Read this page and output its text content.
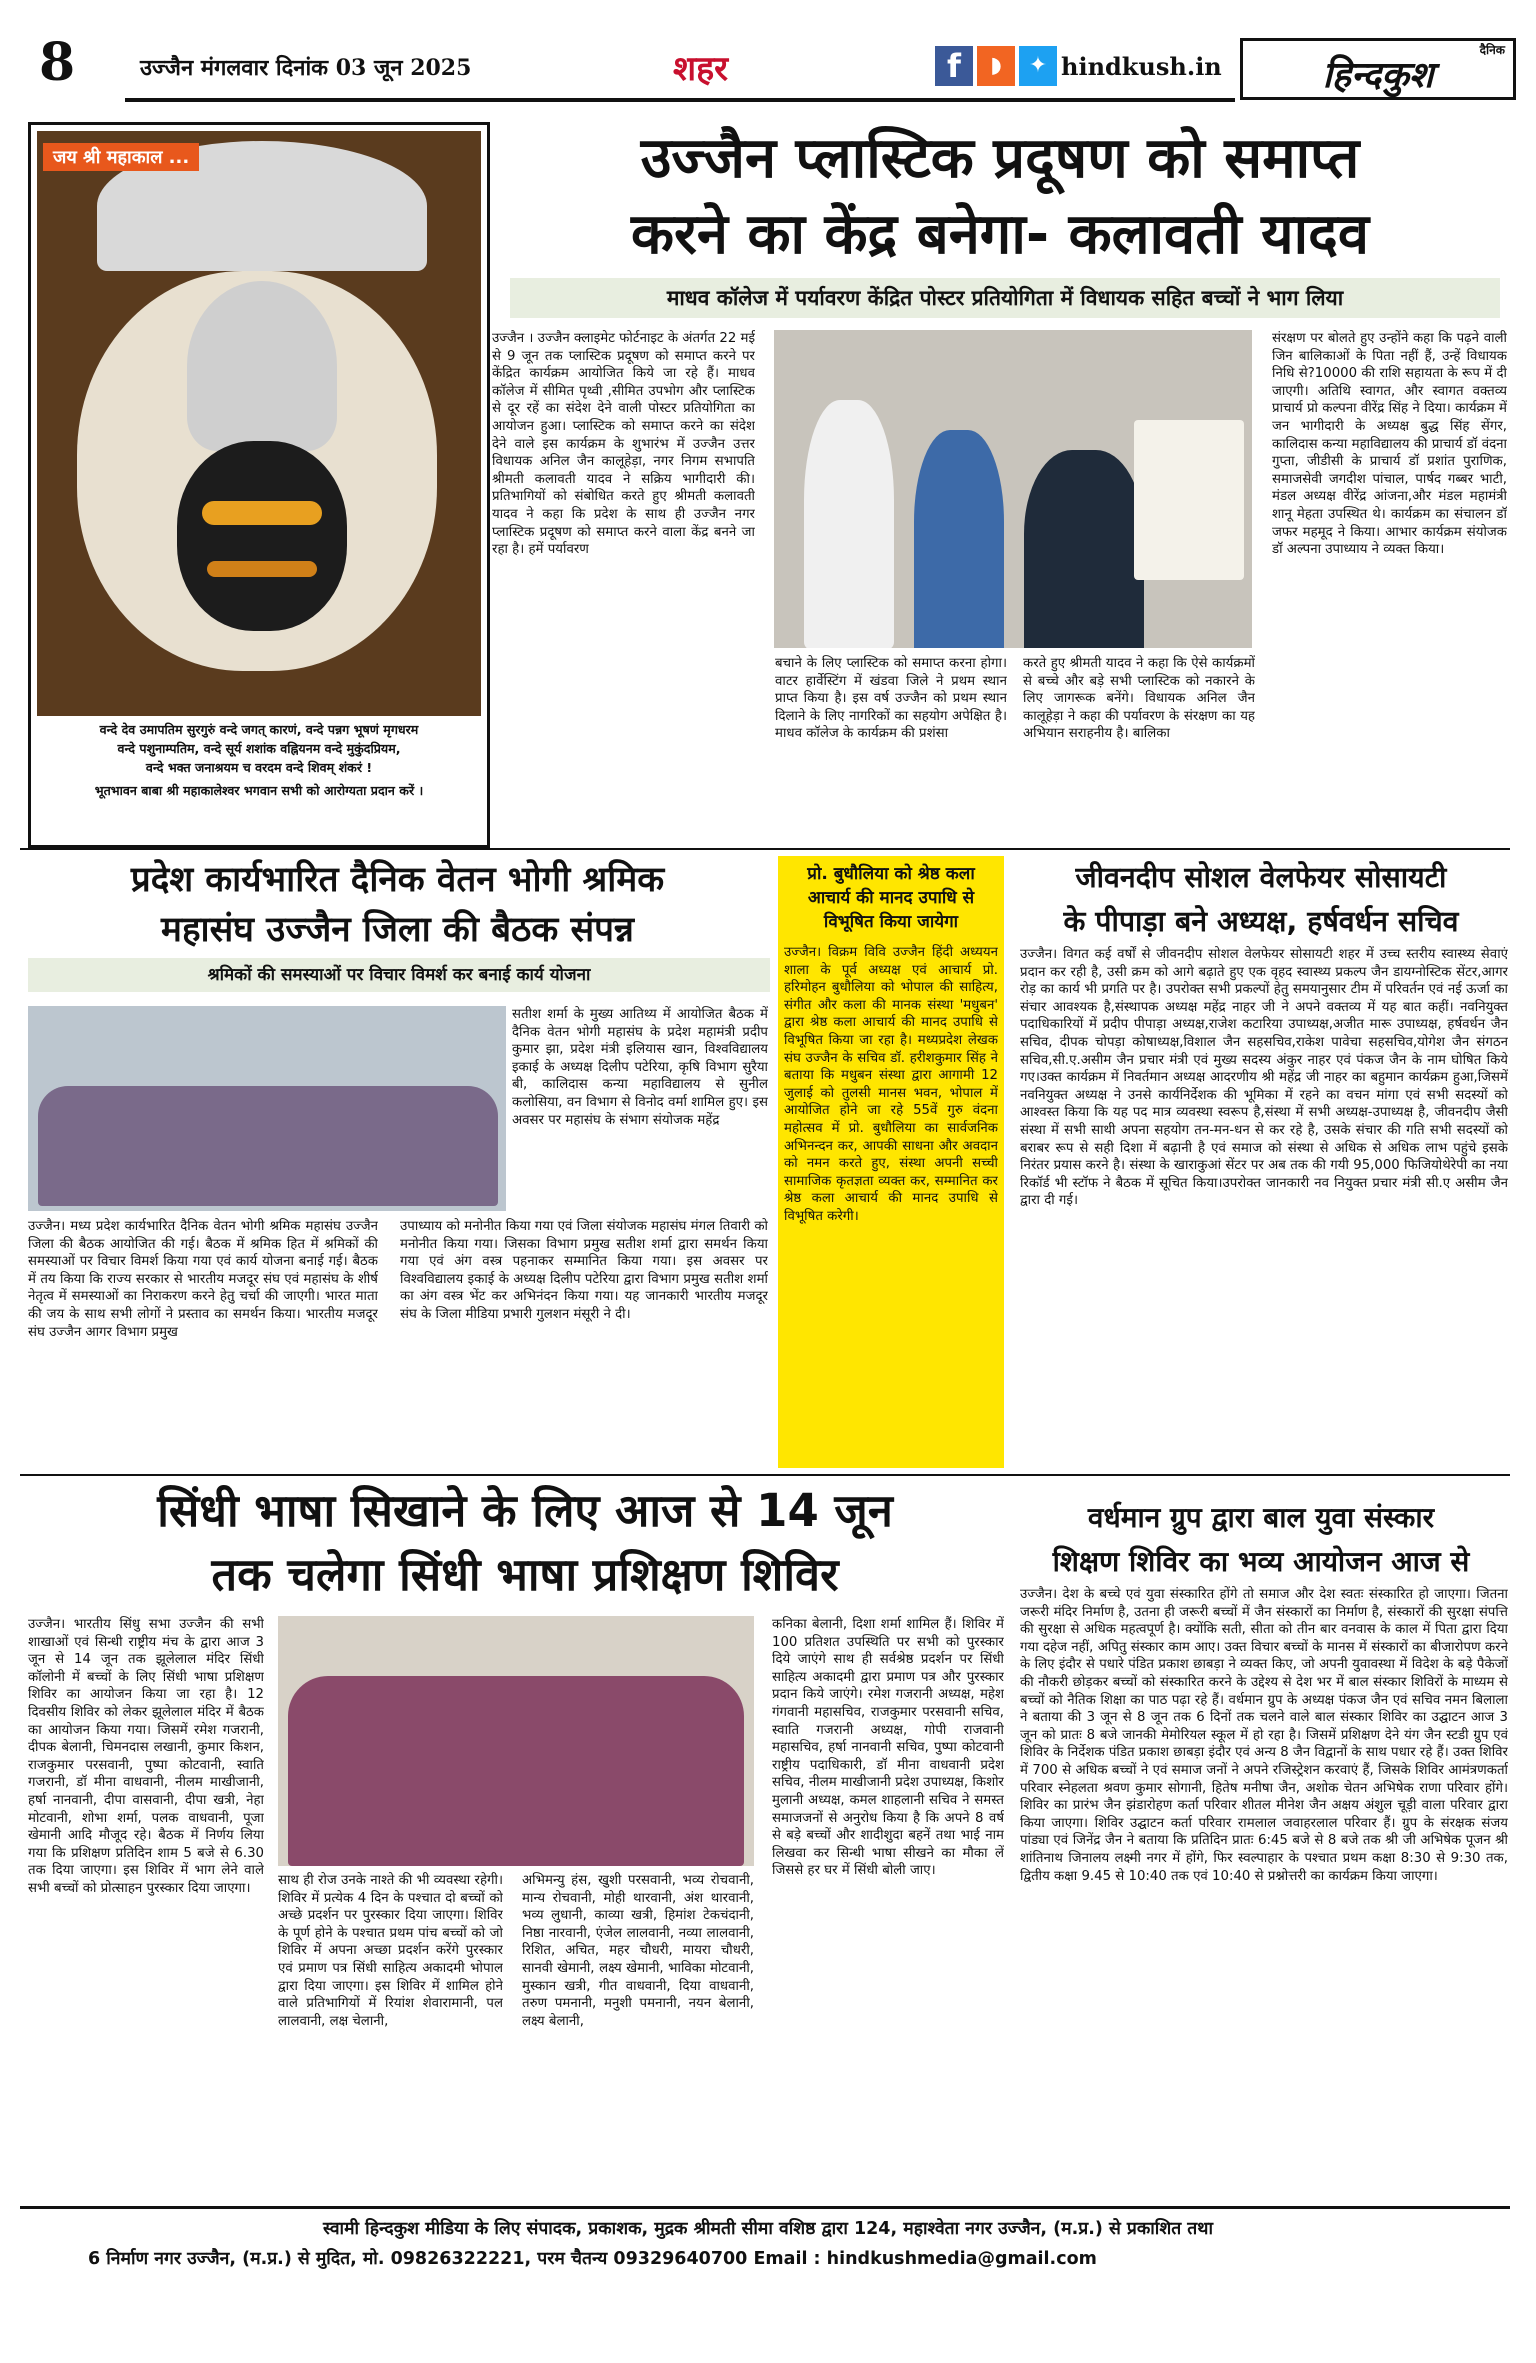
8	उज्जैन मंगलवार दिनांक 03 जून 2025	शहर	f	◗	✦ hindkush.in
दैनिक
हिन्दकुश
जय श्री महाकाल ...
वन्दे देव उमापतिम सुरगुरुं वन्दे जगत् कारणं, वन्दे पन्नग भूषणं मृगधरम
वन्दे पशुनाम्पतिम, वन्दे सूर्य शशांक वह्नियनम वन्दे मुकुंदप्रियम,
वन्दे भक्त जनाश्रयम च वरदम वन्दे शिवम् शंकरं !
भूतभावन बाबा श्री महाकालेश्वर भगवान सभी को आरोग्यता प्रदान करें ।
उज्जैन प्लास्टिक प्रदूषण को समाप्त
करने का केंद्र बनेगा- कलावती यादव
माधव कॉलेज में पर्यावरण केंद्रित पोस्टर प्रतियोगिता में विधायक सहित बच्चों ने भाग लिया
उज्जैन । उज्जैन क्लाइमेट फोर्टनाइट के अंतर्गत 22 मई से 9 जून तक प्लास्टिक प्रदूषण को समाप्त करने पर केंद्रित कार्यक्रम आयोजित किये जा रहे हैं। माधव कॉलेज में सीमित पृथ्वी ,सीमित उपभोग और प्लास्टिक से दूर रहें का संदेश देने वाली पोस्टर प्रतियोगिता का आयोजन हुआ। प्लास्टिक को समाप्त करने का संदेश देने वाले इस कार्यक्रम के शुभारंभ में उज्जैन उत्तर विधायक अनिल जैन कालूहेड़ा, नगर निगम सभापति श्रीमती कलावती यादव ने सक्रिय भागीदारी की। प्रतिभागियों को संबोधित करते हुए श्रीमती कलावती यादव ने कहा कि प्रदेश के साथ ही उज्जैन नगर प्लास्टिक प्रदूषण को समाप्त करने वाला केंद्र बनने जा रहा है। हमें पर्यावरण
बचाने के लिए प्लास्टिक को समाप्त करना होगा। वाटर हार्वेस्टिंग में खंडवा जिले ने प्रथम स्थान प्राप्त किया है। इस वर्ष उज्जैन को प्रथम स्थान दिलाने के लिए नागरिकों का सहयोग अपेक्षित है। माधव कॉलेज के कार्यक्रम की प्रशंसा
करते हुए श्रीमती यादव ने कहा कि ऐसे कार्यक्रमों से बच्चे और बड़े सभी प्लास्टिक को नकारने के लिए जागरूक बनेंगे। विधायक अनिल जैन कालूहेड़ा ने कहा की पर्यावरण के संरक्षण का यह अभियान सराहनीय है। बालिका
संरक्षण पर बोलते हुए उन्होंने कहा कि पढ़ने वाली जिन बालिकाओं के पिता नहीं हैं, उन्हें विधायक निधि से?10000 की राशि सहायता के रूप में दी जाएगी। अतिथि स्वागत, और स्वागत वक्तव्य प्राचार्य प्रो कल्पना वीरेंद्र सिंह ने दिया। कार्यक्रम में जन भागीदारी के अध्यक्ष बुद्ध सिंह सेंगर, कालिदास कन्या महाविद्यालय की प्राचार्य डॉ वंदना गुप्ता, जीडीसी के प्राचार्य डॉ प्रशांत पुराणिक, समाजसेवी जगदीश पांचाल, पार्षद गब्बर भाटी, मंडल अध्यक्ष वीरेंद्र आंजना,और मंडल महामंत्री शानू मेहता उपस्थित थे। कार्यक्रम का संचालन डॉ जफर महमूद ने किया। आभार कार्यक्रम संयोजक डॉ अल्पना उपाध्याय ने व्यक्त किया।
प्रदेश कार्यभारित दैनिक वेतन भोगी श्रमिक
महासंघ उज्जैन जिला की बैठक संपन्न
श्रमिकों की समस्याओं पर विचार विमर्श कर बनाई कार्य योजना
उज्जैन। मध्य प्रदेश कार्यभारित दैनिक वेतन भोगी श्रमिक महासंघ उज्जैन जिला की बैठक आयोजित की गई। बैठक में श्रमिक हित में श्रमिकों की समस्याओं पर विचार विमर्श किया गया एवं कार्य योजना बनाई गई। बैठक में तय किया कि राज्य सरकार से भारतीय मजदूर संघ एवं महासंघ के शीर्ष नेतृत्व में समस्याओं का निराकरण करने हेतु चर्चा की जाएगी। भारत माता की जय के साथ सभी लोगों ने प्रस्ताव का समर्थन किया। भारतीय मजदूर संघ उज्जैन आगर विभाग प्रमुख
सतीश शर्मा के मुख्य आतिथ्य में आयोजित बैठक में दैनिक वेतन भोगी महासंघ के प्रदेश महामंत्री प्रदीप कुमार झा, प्रदेश मंत्री इलियास खान, विश्वविद्यालय इकाई के अध्यक्ष दिलीप पटेरिया, कृषि विभाग सुरैया बी, कालिदास कन्या महाविद्यालय से सुनील कलोसिया, वन विभाग से विनोद वर्मा शामिल हुए। इस अवसर पर महासंघ के संभाग संयोजक महेंद्र
उपाध्याय को मनोनीत किया गया एवं जिला संयोजक महासंघ मंगल तिवारी को मनोनीत किया गया। जिसका विभाग प्रमुख सतीश शर्मा द्वारा समर्थन किया गया एवं अंग वस्त्र पहनाकर सम्मानित किया गया। इस अवसर पर विश्वविद्यालय इकाई के अध्यक्ष दिलीप पटेरिया द्वारा विभाग प्रमुख सतीश शर्मा का अंग वस्त्र भेंट कर अभिनंदन किया गया। यह जानकारी भारतीय मजदूर संघ के जिला मीडिया प्रभारी गुलशन मंसूरी ने दी।
प्रो. बुधौलिया को श्रेष्ठ कला आचार्य की मानद उपाधि से विभूषित किया जायेगा
उज्जैन। विक्रम विवि उज्जैन हिंदी अध्ययन शाला के पूर्व अध्यक्ष एवं आचार्य प्रो. हरिमोहन बुधौलिया को भोपाल की साहित्य, संगीत और कला की मानक संस्था 'मधुबन' द्वारा श्रेष्ठ कला आचार्य की मानद उपाधि से विभूषित किया जा रहा है। मध्यप्रदेश लेखक संघ उज्जैन के सचिव डॉ. हरीशकुमार सिंह ने बताया कि मधुबन संस्था द्वारा आगामी 12 जुलाई को तुलसी मानस भवन, भोपाल में आयोजित होने जा रहे 55वें गुरु वंदना महोत्सव में प्रो. बुधौलिया का सार्वजनिक अभिनन्दन कर, आपकी साधना और अवदान को नमन करते हुए, संस्था अपनी सच्ची सामाजिक कृतज्ञता व्यक्त कर, सम्मानित कर श्रेष्ठ कला आचार्य की मानद उपाधि से विभूषित करेगी।
जीवनदीप सोशल वेलफेयर सोसायटी
के पीपाड़ा बने अध्यक्ष, हर्षवर्धन सचिव
उज्जैन। विगत कई वर्षों से जीवनदीप सोशल वेलफेयर सोसायटी शहर में उच्च स्तरीय स्वास्थ्य सेवाएं प्रदान कर रही है, उसी क्रम को आगे बढ़ाते हुए एक वृहद स्वास्थ्य प्रकल्प जैन डायग्नोस्टिक सेंटर,आगर रोड़ का कार्य भी प्रगति पर है। उपरोक्त सभी प्रकल्पों हेतु समयानुसार टीम में परिवर्तन एवं नई ऊर्जा का संचार आवश्यक है,संस्थापक अध्यक्ष महेंद्र नाहर जी ने अपने वक्तव्य में यह बात कहीं। नवनियुक्त पदाधिकारियों में प्रदीप पीपाड़ा अध्यक्ष,राजेश कटारिया उपाध्यक्ष,अजीत मारू उपाध्यक्ष, हर्षवर्धन जैन सचिव, दीपक चोपड़ा कोषाध्यक्ष,विशाल जैन सहसचिव,राकेश पावेचा सहसचिव,योगेश जैन संगठन सचिव,सी.ए.असीम जैन प्रचार मंत्री एवं मुख्य सदस्य अंकुर नाहर एवं पंकज जैन के नाम घोषित किये गए।उक्त कार्यक्रम में निवर्तमान अध्यक्ष आदरणीय श्री महेंद्र जी नाहर का बहुमान कार्यक्रम हुआ,जिसमें नवनियुक्त अध्यक्ष ने उनसे कार्यनिर्देशक की भूमिका में रहने का वचन मांगा एवं सभी सदस्यों को आश्वस्त किया कि यह पद मात्र व्यवस्था स्वरूप है,संस्था में सभी अध्यक्ष-उपाध्यक्ष है, जीवनदीप जैसी संस्था में सभी साथी अपना सहयोग तन-मन-धन से कर रहे है, उसके संचार की गति सभी सदस्यों को बराबर रूप से सही दिशा में बढ़ानी है एवं समाज को संस्था से अधिक से अधिक लाभ पहुंचे इसके निरंतर प्रयास करने है। संस्था के खाराकुआं सेंटर पर अब तक की गयी 95,000 फिजियोथेरेपी का नया रिकॉर्ड भी स्टॉफ ने बैठक में सूचित किया।उपरोक्त जानकारी नव नियुक्त प्रचार मंत्री सी.ए असीम जैन द्वारा दी गई।
सिंधी भाषा सिखाने के लिए आज से 14 जून
तक चलेगा सिंधी भाषा प्रशिक्षण शिविर
उज्जैन। भारतीय सिंधु सभा उज्जैन की सभी शाखाओं एवं सिन्धी राष्ट्रीय मंच के द्वारा आज 3 जून से 14 जून तक झूलेलाल मंदिर सिंधी कॉलोनी में बच्चों के लिए सिंधी भाषा प्रशिक्षण शिविर का आयोजन किया जा रहा है। 12 दिवसीय शिविर को लेकर झूलेलाल मंदिर में बैठक का आयोजन किया गया। जिसमें रमेश गजरानी, दीपक बेलानी, चिमनदास लखानी, कुमार किशन, राजकुमार परसवानी, पुष्पा कोटवानी, स्वाति गजरानी, डॉ मीना वाधवानी, नीलम माखीजानी, हर्षा नानवानी, दीपा वासवानी, दीपा खत्री, नेहा मोटवानी, शोभा शर्मा, पलक वाधवानी, पूजा खेमानी आदि मौजूद रहे। बैठक में निर्णय लिया गया कि प्रशिक्षण प्रतिदिन शाम 5 बजे से 6.30 तक दिया जाएगा। इस शिविर में भाग लेने वाले सभी बच्चों को प्रोत्साहन पुरस्कार दिया जाएगा।
साथ ही रोज उनके नाश्ते की भी व्यवस्था रहेगी। शिविर में प्रत्येक 4 दिन के पश्चात दो बच्चों को अच्छे प्रदर्शन पर पुरस्कार दिया जाएगा। शिविर के पूर्ण होने के पश्चात प्रथम पांच बच्चों को जो शिविर में अपना अच्छा प्रदर्शन करेंगे पुरस्कार एवं प्रमाण पत्र सिंधी साहित्य अकादमी भोपाल द्वारा दिया जाएगा। इस शिविर में शामिल होने वाले प्रतिभागियों में रियांश शेवारामानी, पल लालवानी, लक्ष चेलानी,
अभिमन्यु हंस, खुशी परसवानी, भव्य रोचवानी, मान्य रोचवानी, मोही थारवानी, अंश थारवानी, भव्य लुधानी, काव्या खत्री, हिमांश टेकचंदानी, निष्ठा नारवानी, एंजेल लालवानी, नव्या लालवानी, रिशित, अचित, महर चौधरी, मायरा चौधरी, सानवी खेमानी, लक्ष्य खेमानी, भाविका मोटवानी, मुस्कान खत्री, गीत वाधवानी, दिया वाधवानी, तरुण पमनानी, मनुशी पमनानी, नयन बेलानी, लक्ष्य बेलानी,
कनिका बेलानी, दिशा शर्मा शामिल हैं। शिविर में 100 प्रतिशत उपस्थिति पर सभी को पुरस्कार दिये जाएंगे साथ ही सर्वश्रेष्ठ प्रदर्शन पर सिंधी साहित्य अकादमी द्वारा प्रमाण पत्र और पुरस्कार प्रदान किये जाएंगे। रमेश गजरानी अध्यक्ष, महेश गंगवानी महासचिव, राजकुमार परसवानी सचिव, स्वाति गजरानी अध्यक्ष, गोपी राजवानी महासचिव, हर्षा नानवानी सचिव, पुष्पा कोटवानी राष्ट्रीय पदाधिकारी, डॉ मीना वाधवानी प्रदेश सचिव, नीलम माखीजानी प्रदेश उपाध्यक्ष, किशोर मुलानी अध्यक्ष, कमल शाहलानी सचिव ने समस्त समाजजनों से अनुरोध किया है कि अपने 8 वर्ष से बड़े बच्चों और शादीशुदा बहनें तथा भाई नाम लिखवा कर सिन्धी भाषा सीखने का मौका लें जिससे हर घर में सिंधी बोली जाए।
वर्धमान ग्रुप द्वारा बाल युवा संस्कार
शिक्षण शिविर का भव्य आयोजन आज से
उज्जैन। देश के बच्चे एवं युवा संस्कारित होंगे तो समाज और देश स्वतः संस्कारित हो जाएगा। जितना जरूरी मंदिर निर्माण है, उतना ही जरूरी बच्चों में जैन संस्कारों का निर्माण है, संस्कारों की सुरक्षा संपत्ति की सुरक्षा से अधिक महत्वपूर्ण है। क्योंकि सती, सीता को तीन बार वनवास के काल में पिता द्वारा दिया गया दहेज नहीं, अपितु संस्कार काम आए। उक्त विचार बच्चों के मानस में संस्कारों का बीजारोपण करने के लिए इंदौर से पधारे पंडित प्रकाश छाबड़ा ने व्यक्त किए, जो अपनी युवावस्था में विदेश के बड़े पैकेजों की नौकरी छोड़कर बच्चों को संस्कारित करने के उद्देश्य से देश भर में बाल संस्कार शिविरों के माध्यम से बच्चों को नैतिक शिक्षा का पाठ पढ़ा रहे हैं। वर्धमान ग्रुप के अध्यक्ष पंकज जैन एवं सचिव नमन बिलाला ने बताया की 3 जून से 8 जून तक 6 दिनों तक चलने वाले बाल संस्कार शिविर का उद्घाटन आज 3 जून को प्रातः 8 बजे जानकी मेमोरियल स्कूल में हो रहा है। जिसमें प्रशिक्षण देने यंग जैन स्टडी ग्रुप एवं शिविर के निर्देशक पंडित प्रकाश छाबड़ा इंदौर एवं अन्य 8 जैन विद्वानों के साथ पधार रहे हैं। उक्त शिविर में 700 से अधिक बच्चों ने एवं समाज जनों ने अपने रजिस्ट्रेशन करवाएं हैं, जिसके शिविर आमंत्रणकर्ता परिवार स्नेहलता श्रवण कुमार सोगानी, हितेष मनीषा जैन, अशोक चेतन अभिषेक राणा परिवार होंगे। शिविर का प्रारंभ जैन झंडारोहण कर्ता परिवार शीतल मीनेश जैन अक्षय अंशुल चूड़ी वाला परिवार द्वारा किया जाएगा। शिविर उद्घाटन कर्ता परिवार रामलाल जवाहरलाल परिवार हैं। ग्रुप के संरक्षक संजय पांड्या एवं जिनेंद्र जैन ने बताया कि प्रतिदिन प्रातः 6:45 बजे से 8 बजे तक श्री जी अभिषेक पूजन श्री शांतिनाथ जिनालय लक्ष्मी नगर में होंगे, फिर स्वल्पाहार के पश्चात प्रथम कक्षा 8:30 से 9:30 तक, द्वितीय कक्षा 9.45 से 10:40 तक एवं 10:40 से प्रश्नोत्तरी का कार्यक्रम किया जाएगा।
स्वामी हिन्दकुश मीडिया के लिए संपादक, प्रकाशक, मुद्रक श्रीमती सीमा वशिष्ठ द्वारा 124, महाश्वेता नगर उज्जैन, (म.प्र.) से प्रकाशित तथा
6 निर्माण नगर उज्जैन, (म.प्र.) से मुदित, मो. 09826322221, परम चैतन्य 09329640700 Email : hindkushmedia@gmail.com
